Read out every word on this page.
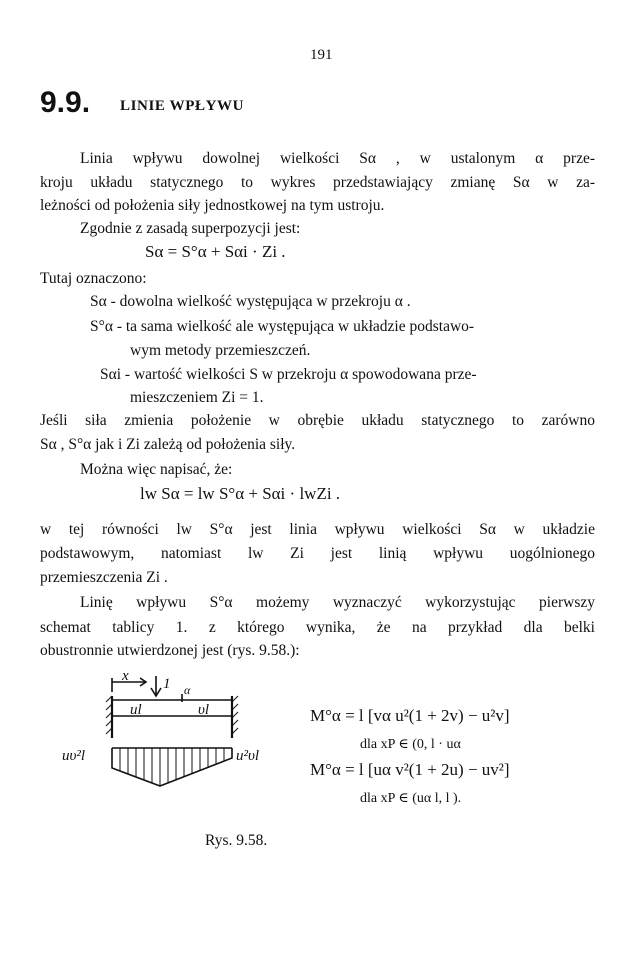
191
9.9. LINIE WPŁYWU
Linia wpływu dowolnej wielkości Sα , w ustalonym α prze-
kroju układu statycznego to wykres przedstawiający zmianę Sα w za-
leżności od położenia siły jednostkowej na tym ustroju.
Zgodnie z zasadą superpozycji jest:
Sα = S°α + Sαi · Zi .
Tutaj oznaczono:
Sα - dowolna wielkość występująca w przekroju α .
S°α - ta sama wielkość ale występująca w układzie podstawo-
wym metody przemieszczeń.
Sαi - wartość wielkości S w przekroju α spowodowana prze-
mieszczeniem Zi = 1.
Jeśli siła zmienia położenie w obrębie układu statycznego to zarówno
Sα , S°α jak i Zi zależą od położenia siły.
Można więc napisać, że:
lw Sα = lw S°α + Sαi · lwZi .
w tej równości lw S°α jest linia wpływu wielkości Sα w układzie
podstawowym, natomiast lw Zi jest linią wpływu uogólnionego
przemieszczenia Zi .
Linię wpływu S°α możemy wyznaczyć wykorzystując pierwszy
schemat tablicy 1. z którego wynika, że na przykład dla belki
obustronnie utwierdzonej jest (rys. 9.58.):
x 1 α
ul	υl
uυ²l	u²υl
M°α = l [vα u²(1 + 2v) − u²v]
dla xP ∈ (0, l · uα
M°α = l [uα v²(1 + 2u) − uv²]
dla xP ∈ (uα l, l ).
Rys. 9.58.
